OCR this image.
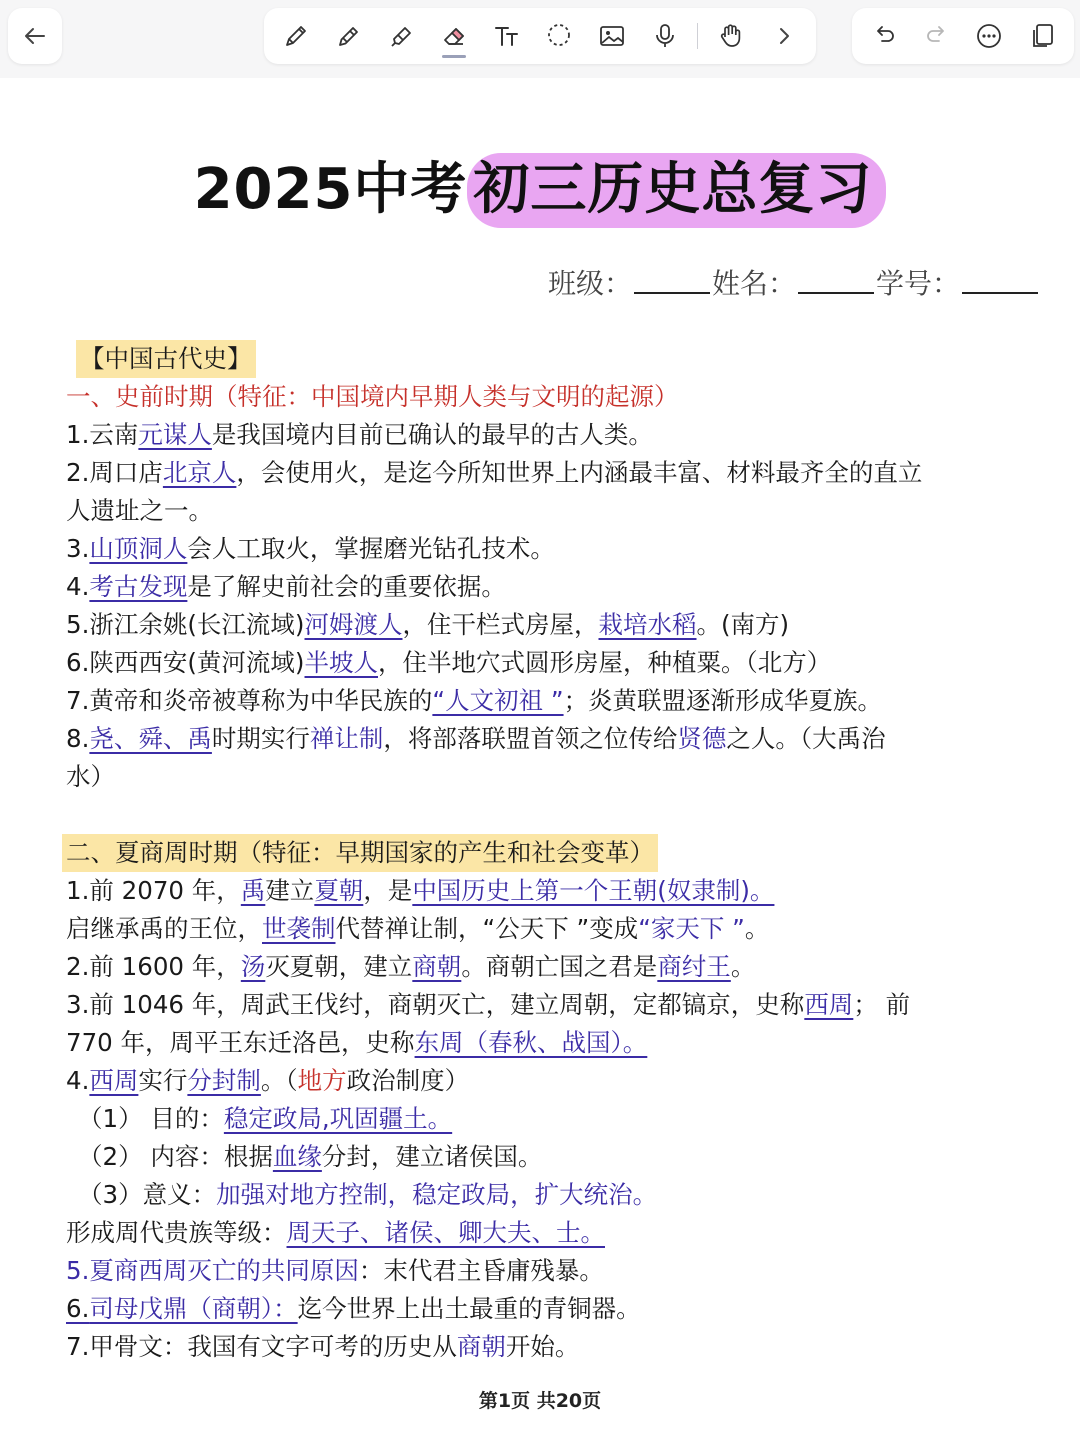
2025中考 初三历史总复习
班级：	姓名：	学号：

【中国古代史】

一、史前时期（特征：中国境内早期人类与文明的起源）

1.云南元谋人是我国境内目前已确认的最早的古人类。

2.周口店北京人，会使用火，是迄今所知世界上内涵最丰富、材料最齐全的直立

人遗址之一。

3.山顶洞人会人工取火，掌握磨光钻孔技术。

4.考古发现是了解史前社会的重要依据。

5.浙江余姚(长江流域)河姆渡人，住干栏式房屋，栽培水稻。(南方)

6.陕西西安(黄河流域)半坡人，住半地穴式圆形房屋，种植粟。（北方）

7.黄帝和炎帝被尊称为中华民族的“人文初祖 ”；炎黄联盟逐渐形成华夏族。

8.尧、舜、禹时期实行禅让制，将部落联盟首领之位传给贤德之人。（大禹治

水）

二、夏商周时期（特征：早期国家的产生和社会变革）

1.前 2070 年，禹建立夏朝，是中国历史上第一个王朝(奴隶制)。

启继承禹的王位，世袭制代替禅让制，“公天下 ”变成“家天下 ”。

2.前 1600 年，汤灭夏朝，建立商朝。商朝亡国之君是商纣王。

3.前 1046 年，周武王伐纣，商朝灭亡，建立周朝，定都镐京，史称西周； 前

770 年，周平王东迁洛邑，史称东周（春秋、战国）。

4.西周实行分封制。（地方政治制度）

（1） 目的：稳定政局,巩固疆土。

（2） 内容：根据血缘分封，建立诸侯国。

（3）意义：加强对地方控制，稳定政局，扩大统治。

形成周代贵族等级：周天子、诸侯、卿大夫、士。

5.夏商西周灭亡的共同原因：末代君主昏庸残暴。

6.司母戊鼎（商朝）：迄今世界上出土最重的青铜器。

7.甲骨文：我国有文字可考的历史从商朝开始。

第1页 共20页
